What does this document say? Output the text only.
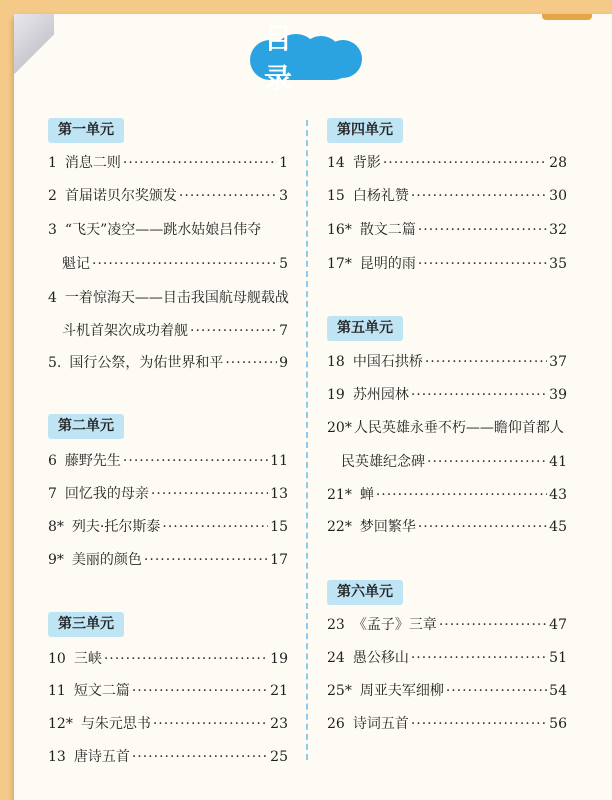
目 录
第一单元
1 消息二则 ·····	1
2 首届诺贝尔奖颁发 ·····	3
3 “飞天”凌空——跳水姑娘吕伟夺
魁记 ·····	5
4 一着惊海天——目击我国航母舰载战
斗机首架次成功着舰 ·····	7
5. 国行公祭，为佑世界和平 ·····	9
第二单元
6 藤野先生 ·····	11
7 回忆我的母亲 ·····	13
8* 列夫·托尔斯泰 ·····	15
9* 美丽的颜色 ·····	17
第三单元
10 三峡 ·····	19
11 短文二篇 ·····	21
12* 与朱元思书 ·····	23
13 唐诗五首 ·····	25
第四单元
14 背影 ·····	28
15 白杨礼赞 ·····	30
16* 散文二篇 ·····	32
17* 昆明的雨 ·····	35
第五单元
18 中国石拱桥 ·····	37
19 苏州园林 ·····	39
20* 人民英雄永垂不朽——瞻仰首都人
民英雄纪念碑 ·····	41
21* 蝉 ·····	43
22* 梦回繁华 ·····	45
第六单元
23 《孟子》三章 ·····	47
24 愚公移山 ·····	51
25* 周亚夫军细柳 ·····	54
26 诗词五首 ·····	56
